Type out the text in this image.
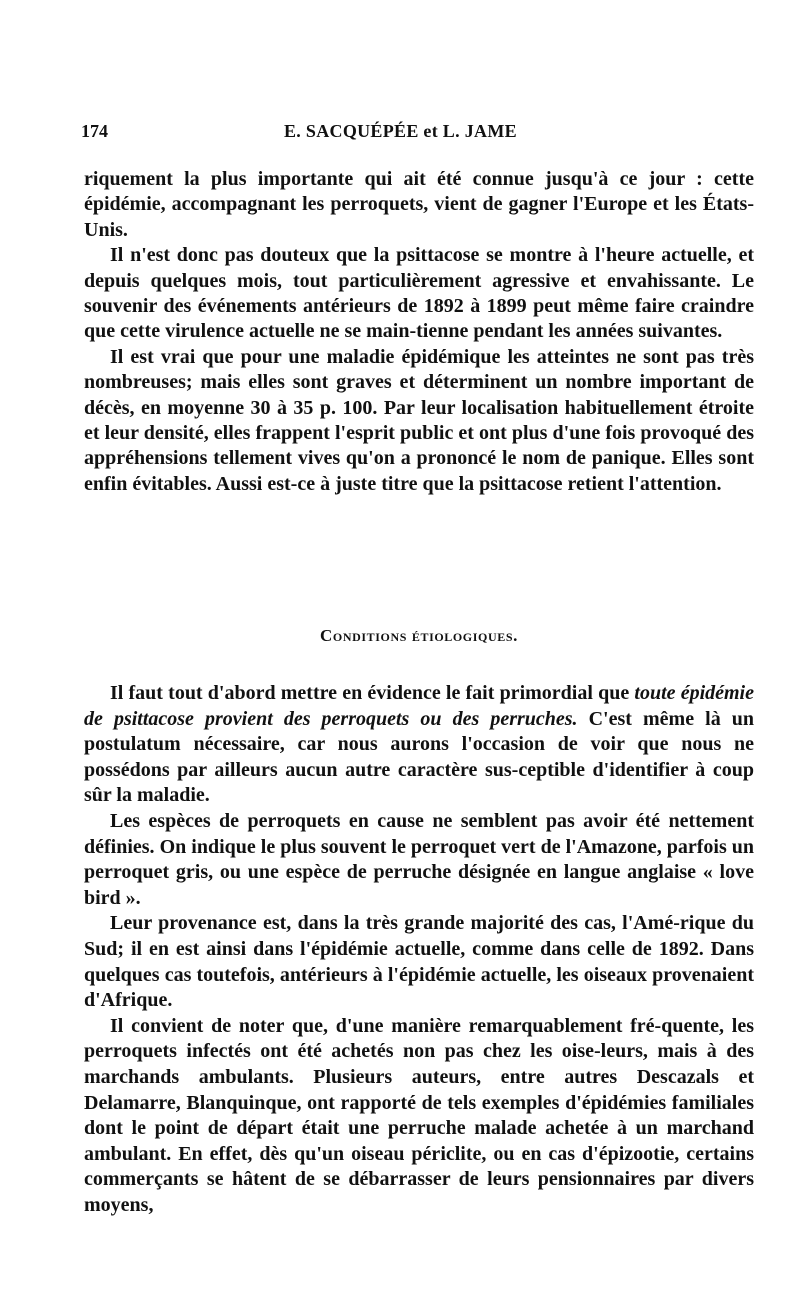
174	E. SACQUÉPÉE et L. JAME

riquement la plus importante qui ait été connue jusqu'à ce jour : cette épidémie, accompagnant les perroquets, vient de gagner l'Europe et les États-Unis.

Il n'est donc pas douteux que la psittacose se montre à l'heure actuelle, et depuis quelques mois, tout particulièrement agressive et envahissante. Le souvenir des événements antérieurs de 1892 à 1899 peut même faire craindre que cette virulence actuelle ne se main-tienne pendant les années suivantes.

Il est vrai que pour une maladie épidémique les atteintes ne sont pas très nombreuses; mais elles sont graves et déterminent un nombre important de décès, en moyenne 30 à 35 p. 100. Par leur localisation habituellement étroite et leur densité, elles frappent l'esprit public et ont plus d'une fois provoqué des appréhensions tellement vives qu'on a prononcé le nom de panique. Elles sont enfin évitables. Aussi est-ce à juste titre que la psittacose retient l'attention.

Conditions étiologiques.

Il faut tout d'abord mettre en évidence le fait primordial que toute épidémie de psittacose provient des perroquets ou des perruches. C'est même là un postulatum nécessaire, car nous aurons l'occasion de voir que nous ne possédons par ailleurs aucun autre caractère sus-ceptible d'identifier à coup sûr la maladie.

Les espèces de perroquets en cause ne semblent pas avoir été nettement définies. On indique le plus souvent le perroquet vert de l'Amazone, parfois un perroquet gris, ou une espèce de perruche désignée en langue anglaise « love bird ».

Leur provenance est, dans la très grande majorité des cas, l'Amé-rique du Sud; il en est ainsi dans l'épidémie actuelle, comme dans celle de 1892. Dans quelques cas toutefois, antérieurs à l'épidémie actuelle, les oiseaux provenaient d'Afrique.

Il convient de noter que, d'une manière remarquablement fré-quente, les perroquets infectés ont été achetés non pas chez les oise-leurs, mais à des marchands ambulants. Plusieurs auteurs, entre autres Descazals et Delamarre, Blanquinque, ont rapporté de tels exemples d'épidémies familiales dont le point de départ était une perruche malade achetée à un marchand ambulant. En effet, dès qu'un oiseau périclite, ou en cas d'épizootie, certains commerçants se hâtent de se débarrasser de leurs pensionnaires par divers moyens,
